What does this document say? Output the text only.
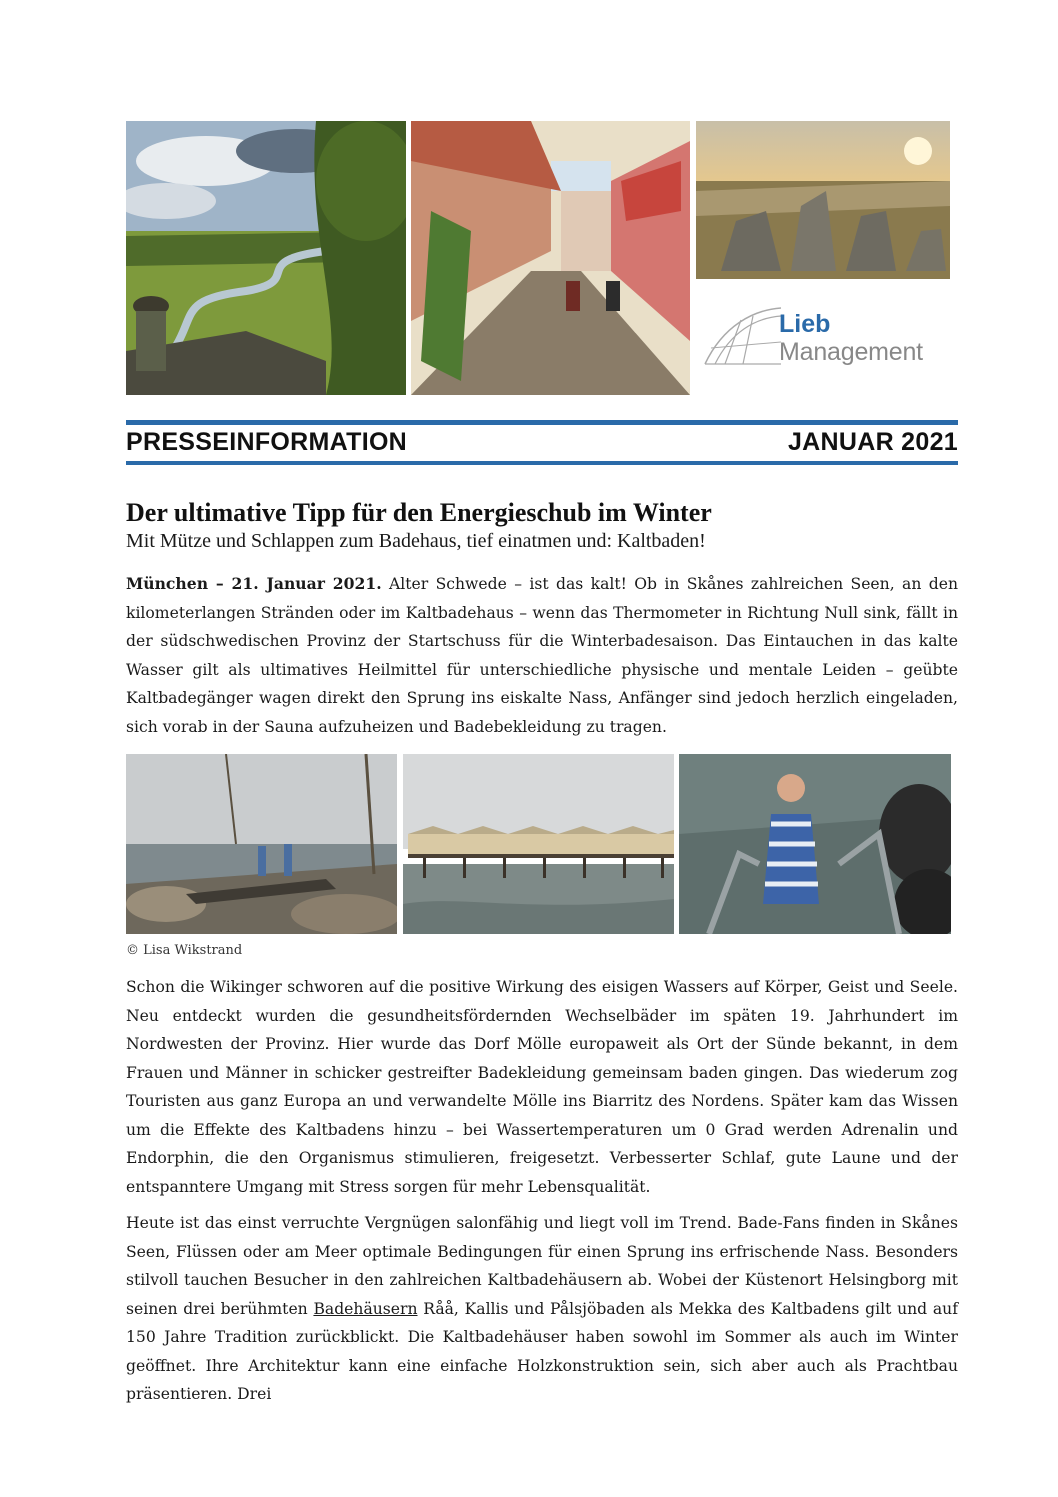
Lieb
Management
PRESSEINFORMATION	JANUAR 2021
Der ultimative Tipp für den Energieschub im Winter
Mit Mütze und Schlappen zum Badehaus, tief einatmen und: Kaltbaden!

München – 21. Januar 2021. Alter Schwede – ist das kalt! Ob in Skånes zahlreichen Seen, an den kilometerlangen Stränden oder im Kaltbadehaus – wenn das Thermometer in Richtung Null sink, fällt in der südschwedischen Provinz der Startschuss für die Winterbadesaison. Das Eintauchen in das kalte Wasser gilt als ultimatives Heilmittel für unterschiedliche physische und mentale Leiden – geübte Kaltbadegänger wagen direkt den Sprung ins eiskalte Nass, Anfänger sind jedoch herzlich eingeladen, sich vorab in der Sauna aufzuheizen und Badebekleidung zu tragen.

© Lisa Wikstrand

Schon die Wikinger schworen auf die positive Wirkung des eisigen Wassers auf Körper, Geist und Seele. Neu entdeckt wurden die gesundheitsfördernden Wechselbäder im späten 19. Jahrhundert im Nordwesten der Provinz. Hier wurde das Dorf Mölle europaweit als Ort der Sünde bekannt, in dem Frauen und Männer in schicker gestreifter Badekleidung gemeinsam baden gingen. Das wiederum zog Touristen aus ganz Europa an und verwandelte Mölle ins Biarritz des Nordens. Später kam das Wissen um die Effekte des Kaltbadens hinzu – bei Wassertemperaturen um 0 Grad werden Adrenalin und Endorphin, die den Organismus stimulieren, freigesetzt. Verbesserter Schlaf, gute Laune und der entspanntere Umgang mit Stress sorgen für mehr Lebensqualität.

Heute ist das einst verruchte Vergnügen salonfähig und liegt voll im Trend. Bade-Fans finden in Skånes Seen, Flüssen oder am Meer optimale Bedingungen für einen Sprung ins erfrischende Nass. Besonders stilvoll tauchen Besucher in den zahlreichen Kaltbadehäusern ab. Wobei der Küstenort Helsingborg mit seinen drei berühmten Badehäusern Råå, Kallis und Pålsjöbaden als Mekka des Kaltbadens gilt und auf 150 Jahre Tradition zurückblickt. Die Kaltbadehäuser haben sowohl im Sommer als auch im Winter geöffnet. Ihre Architektur kann eine einfache Holzkonstruktion sein, sich aber auch als Prachtbau präsentieren. Drei
